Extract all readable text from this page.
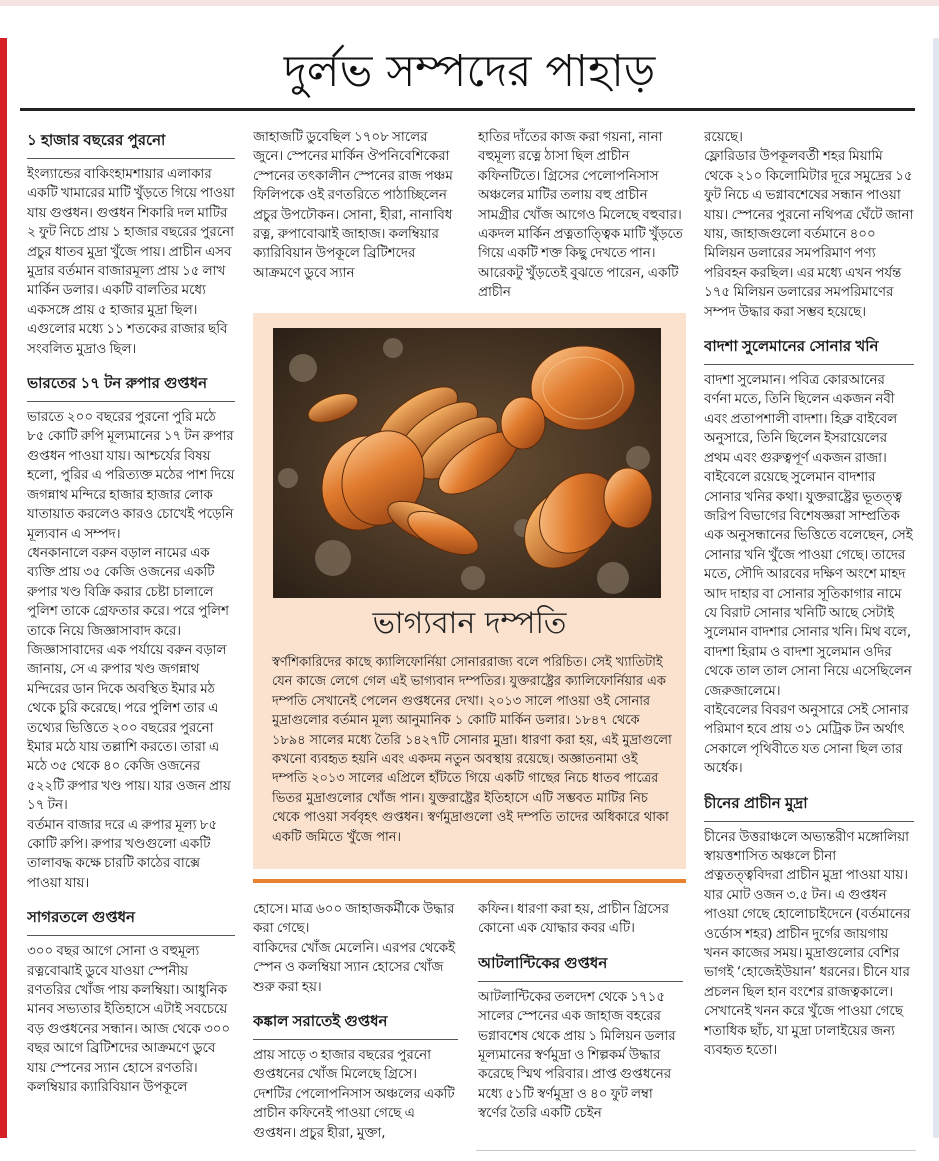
দুর্লভ সম্পদের পাহাড়
১ হাজার বছরের পুরনো

ইংল্যান্ডের বাকিংহামশায়ার এলাকার একটি খামারের মাটি খুঁড়তে গিয়ে পাওয়া যায় গুপ্তধন। গুপ্তধন শিকারি দল মাটির ২ ফুট নিচে প্রায় ১ হাজার বছরের পুরনো প্রচুর ধাতব মুদ্রা খুঁজে পায়। প্রাচীন এসব মুদ্রার বর্তমান বাজারমূল্য প্রায় ১৫ লাখ মার্কিন ডলার। একটি বালতির মধ্যে একসঙ্গে প্রায় ৫ হাজার মুদ্রা ছিল। এগুলোর মধ্যে ১১ শতকের রাজার ছবি সংবলিত মুদ্রাও ছিল।

ভারতের ১৭ টন রুপার গুপ্তধন

ভারতে ২০০ বছরের পুরনো পুরি মঠে ৮৫ কোটি রুপি মূল্যমানের ১৭ টন রুপার গুপ্তধন পাওয়া যায়। আশ্চর্যের বিষয় হলো, পুরির এ পরিত্যক্ত মঠের পাশ দিয়ে জগন্নাথ মন্দিরে হাজার হাজার লোক যাতায়াত করলেও কারও চোখেই পড়েনি মূল্যবান এ সম্পদ।

ধেনকানালে বরুন বড়াল নামের এক ব্যক্তি প্রায় ৩৫ কেজি ওজনের একটি রুপার খণ্ড বিক্রি করার চেষ্টা চালালে পুলিশ তাকে গ্রেফতার করে। পরে পুলিশ তাকে নিয়ে জিজ্ঞাসাবাদ করে। জিজ্ঞাসাবাদের এক পর্যায়ে বরুন বড়াল জানায়, সে এ রুপার খণ্ড জগন্নাথ মন্দিরের ডান দিকে অবস্থিত ইমার মঠ থেকে চুরি করেছে। পরে পুলিশ তার এ তথ্যের ভিত্তিতে ২০০ বছরের পুরনো ইমার মঠে যায় তল্লাশি করতে। তারা এ মঠে ৩৫ থেকে ৪০ কেজি ওজনের ৫২২টি রুপার খণ্ড পায়। যার ওজন প্রায় ১৭ টন।

বর্তমান বাজার দরে এ রুপার মূল্য ৮৫ কোটি রুপি। রুপার খণ্ডগুলো একটি তালাবদ্ধ কক্ষে চারটি কাঠের বাক্সে পাওয়া যায়।

সাগরতলে গুপ্তধন

৩০০ বছর আগে সোনা ও বহুমূল্য রত্নবোঝাই ডুবে যাওয়া স্পেনীয় রণতরির খোঁজ পায় কলম্বিয়া। আধুনিক মানব সভ্যতার ইতিহাসে এটাই সবচেয়ে বড় গুপ্তধনের সন্ধান। আজ থেকে ৩০০ বছর আগে ব্রিটিশদের আক্রমণে ডুবে যায় স্পেনের স্যান হোসে রণতরি। কলম্বিয়ার ক্যারিবিয়ান উপকূলে

জাহাজটি ডুবেছিল ১৭০৮ সালের জুনে। স্পেনের মার্কিন ঔপনিবেশিকেরা স্পেনের তৎকালীন স্পেনের রাজ পঞ্চম ফিলিপকে ওই রণতরিতে পাঠাচ্ছিলেন প্রচুর উপঢৌকন। সোনা, হীরা, নানাবিধ রত্ন, রুপাবোঝাই জাহাজ। কলম্বিয়ার ক্যারিবিয়ান উপকূলে ব্রিটিশদের আক্রমণে ডুবে স্যান

হাতির দাঁতের কাজ করা গয়না, নানা বহুমূল্য রত্নে ঠাসা ছিল প্রাচীন কফিনটিতে। গ্রিসের পেলোপনিসাস অঞ্চলের মাটির তলায় বহু প্রাচীন সামগ্রীর খোঁজ আগেও মিলেছে বহুবার। একদল মার্কিন প্রত্নতাত্ত্বিক মাটি খুঁড়তে গিয়ে একটি শক্ত কিছু দেখতে পান। আরেকটু খুঁড়তেই বুঝতে পারেন, একটি প্রাচীন

ভাগ্যবান দম্পতি
স্বর্ণশিকারিদের কাছে ক্যালিফোর্নিয়া সোনাররাজ্য বলে পরিচিত। সেই খ্যাতিটাই যেন কাজে লেগে গেল এই ভাগ্যবান দম্পতির। যুক্তরাষ্ট্রের ক্যালিফোর্নিয়ার এক দম্পতি সেখানেই পেলেন গুপ্তধনের দেখা। ২০১৩ সালে পাওয়া ওই সোনার মুদ্রাগুলোর বর্তমান মূল্য আনুমানিক ১ কোটি মার্কিন ডলার। ১৮৪৭ থেকে ১৮৯৪ সালের মধ্যে তৈরি ১৪২৭টি সোনার মুদ্রা। ধারণা করা হয়, এই মুদ্রাগুলো কখনো ব্যবহৃত হয়নি এবং একদম নতুন অবস্থায় রয়েছে। অজ্ঞাতনামা ওই দম্পতি ২০১৩ সালের এপ্রিলে হাঁটতে গিয়ে একটি গাছের নিচে ধাতব পাত্রের ভিতর মুদ্রাগুলোর খোঁজ পান। যুক্তরাষ্ট্রের ইতিহাসে এটি সম্ভবত মাটির নিচ থেকে পাওয়া সর্ববৃহৎ গুপ্তধন। স্বর্ণমুদ্রাগুলো ওই দম্পতি তাদের অধিকারে থাকা একটি জমিতে খুঁজে পান।

হোসে। মাত্র ৬০০ জাহাজকর্মীকে উদ্ধার করা গেছে।

বাকিদের খোঁজ মেলেনি। এরপর থেকেই স্পেন ও কলম্বিয়া স্যান হোসের খোঁজ শুরু করা হয়।

কঙ্কাল সরাতেই গুপ্তধন

প্রায় সাড়ে ৩ হাজার বছরের পুরনো গুপ্তধনের খোঁজ মিলেছে গ্রিসে। দেশটির পেলোপনিসাস অঞ্চলের একটি প্রাচীন কফিনেই পাওয়া গেছে এ গুপ্তধন। প্রচুর হীরা, মুক্তা,

কফিন। ধারণা করা হয়, প্রাচীন গ্রিসের কোনো এক যোদ্ধার কবর এটি।

আটলান্টিকের গুপ্তধন

আটলান্টিকের তলদেশ থেকে ১৭১৫ সালের স্পেনের এক জাহাজ বহরের ভগ্নাবশেষ থেকে প্রায় ১ মিলিয়ন ডলার মূল্যমানের স্বর্ণমুদ্রা ও শিল্পকর্ম উদ্ধার করেছে স্মিথ পরিবার। প্রাপ্ত গুপ্তধনের মধ্যে ৫১টি স্বর্ণমুদ্রা ও ৪০ ফুট লম্বা স্বর্ণের তৈরি একটি চেইন

রয়েছে।

ফ্লোরিডার উপকূলবর্তী শহর মিয়ামি থেকে ২১০ কিলোমিটার দূরে সমুদ্রের ১৫ ফুট নিচে এ ভগ্নাবশেষের সন্ধান পাওয়া যায়। স্পেনের পুরনো নথিপত্র ঘেঁটে জানা যায়, জাহাজগুলো বর্তমানে ৪০০ মিলিয়ন ডলারের সমপরিমাণ পণ্য পরিবহন করছিল। এর মধ্যে এখন পর্যন্ত ১৭৫ মিলিয়ন ডলারের সমপরিমাণের সম্পদ উদ্ধার করা সম্ভব হয়েছে।

বাদশা সুলেমানের সোনার খনি

বাদশা সুলেমান। পবিত্র কোরআনের বর্ণনা মতে, তিনি ছিলেন একজন নবী এবং প্রতাপশালী বাদশা। হিব্রু বাইবেল অনুসারে, তিনি ছিলেন ইসরায়েলের প্রথম এবং গুরুত্বপূর্ণ একজন রাজা। বাইবেলে রয়েছে সুলেমান বাদশার সোনার খনির কথা। যুক্তরাষ্ট্রের ভূতত্ত্ব জরিপ বিভাগের বিশেষজ্ঞরা সাম্প্রতিক এক অনুসন্ধানের ভিত্তিতে বলেছেন, সেই সোনার খনি খুঁজে পাওয়া গেছে। তাদের মতে, সৌদি আরবের দক্ষিণ অংশে মাহদ আদ দাহার বা সোনার সূতিকাগার নামে যে বিরাট সোনার খনিটি আছে সেটাই সুলেমান বাদশার সোনার খনি। মিথ বলে, বাদশা হিরাম ও বাদশা সুলেমান ওদির থেকে তাল তাল সোনা নিয়ে এসেছিলেন জেরুজালেমে।

বাইবেলের বিবরণ অনুসারে সেই সোনার পরিমাণ হবে প্রায় ৩১ মেট্রিক টন অর্থাৎ সেকালে পৃথিবীতে যত সোনা ছিল তার অর্ধেক।

চীনের প্রাচীন মুদ্রা

চীনের উত্তরাঞ্চলে অভ্যন্তরীণ মঙ্গোলিয়া স্বায়ত্তশাসিত অঞ্চলে চীনা প্রত্নতত্ত্ববিদরা প্রাচীন মুদ্রা পাওয়া যায়। যার মোট ওজন ৩.৫ টন। এ গুপ্তধন পাওয়া গেছে হোলোচাইদেনে (বর্তমানের ওর্ডোস শহর) প্রাচীন দুর্গের জায়গায় খনন কাজের সময়। মুদ্রাগুলোর বেশির ভাগই ‘হোজেইউয়ান’ ধরনের। চীনে যার প্রচলন ছিল হান বংশের রাজত্বকালে।

সেখানেই খনন করে খুঁজে পাওয়া গেছে শতাধিক ছাঁচ, যা মুদ্রা ঢালাইয়ের জন্য ব্যবহৃত হতো।
